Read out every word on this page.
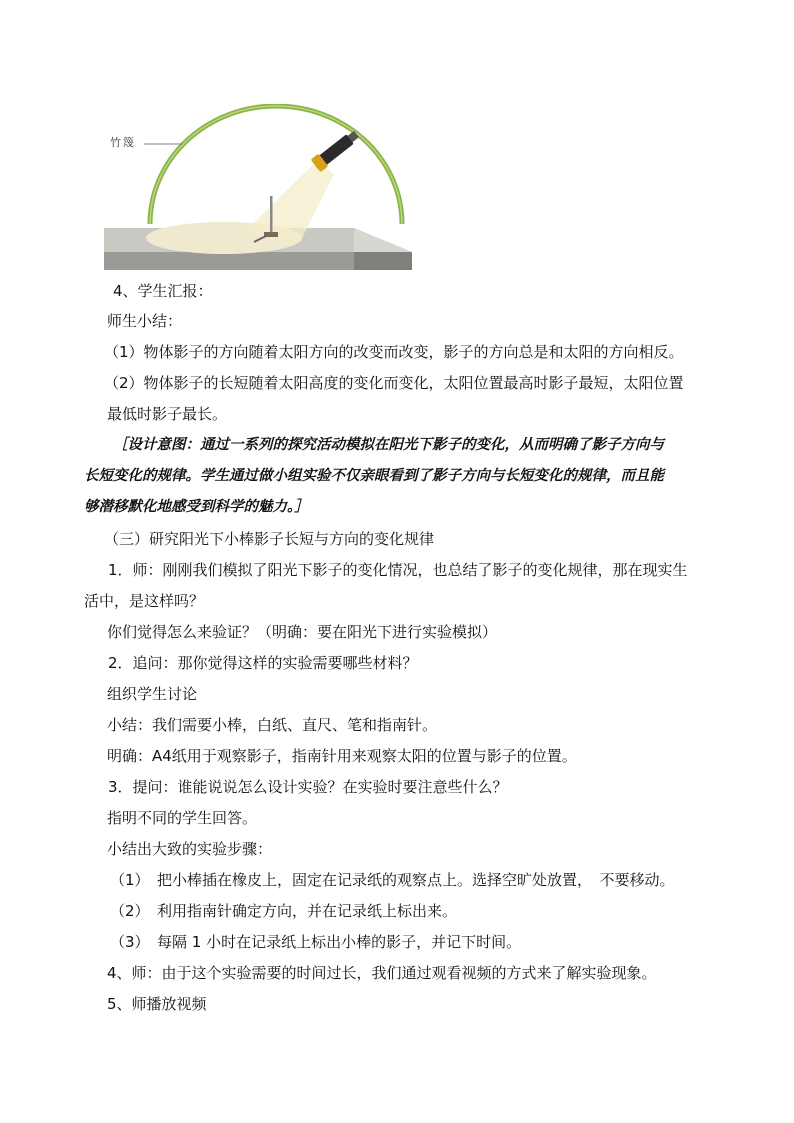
竹篾
4、学生汇报：
师生小结：
（1）物体影子的方向随着太阳方向的改变而改变，影子的方向总是和太阳的方向相反。
（2）物体影子的长短随着太阳高度的变化而变化，太阳位置最高时影子最短，太阳位置
最低时影子最长。
［设计意图：通过一系列的探究活动模拟在阳光下影子的变化，从而明确了影子方向与
长短变化的规律。学生通过做小组实验不仅亲眼看到了影子方向与长短变化的规律，而且能
够潜移默化地感受到科学的魅力。］
（三）研究阳光下小棒影子长短与方向的变化规律
1．师：刚刚我们模拟了阳光下影子的变化情况，也总结了影子的变化规律，那在现实生
活中，是这样吗？
你们觉得怎么来验证？（明确：要在阳光下进行实验模拟）
2．追问：那你觉得这样的实验需要哪些材料？
组织学生讨论
小结：我们需要小棒，白纸、直尺、笔和指南针。
明确：A4纸用于观察影子，指南针用来观察太阳的位置与影子的位置。
3．提问：谁能说说怎么设计实验？在实验时要注意些什么？
指明不同的学生回答。
小结出大致的实验步骤：
（1）　把小棒插在橡皮上，固定在记录纸的观察点上。选择空旷处放置，　不要移动。
（2）　利用指南针确定方向，并在记录纸上标出来。
（3）　每隔 1 小时在记录纸上标出小棒的影子，并记下时间。
4、师：由于这个实验需要的时间过长，我们通过观看视频的方式来了解实验现象。
5、师播放视频
